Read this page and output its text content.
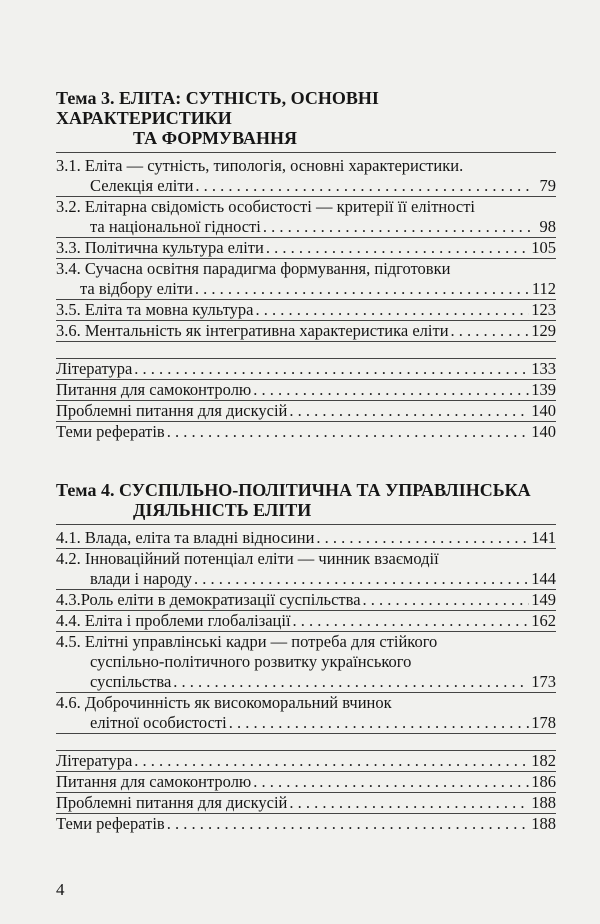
Тема 3. ЕЛІТА: СУТНІСТЬ, ОСНОВНІ ХАРАКТЕРИСТИКИ
ТА ФОРМУВАННЯ
3.1. Еліта — сутність, типологія, основні характеристики.
Селекція еліти . . .	79
3.2. Елітарна свідомість особистості — критерії її елітності
та національної гідності . . .	98
3.3. Політична культура еліти . . .	105
3.4. Сучасна освітня парадигма формування, підготовки
та відбору еліти . . .	112
3.5. Еліта та мовна культура . . .	123
3.6. Ментальність як інтегративна характеристика еліти . . .	129
Література . . .	133
Питання для самоконтролю . . .	139
Проблемні питання для дискусій . . .	140
Теми рефератів . . .	140
Тема 4. СУСПІЛЬНО-ПОЛІТИЧНА ТА УПРАВЛІНСЬКА
ДІЯЛЬНІСТЬ ЕЛІТИ
4.1. Влада, еліта та владні відносини . . .	141
4.2. Інноваційний потенціал еліти — чинник взаємодії
влади і народу . . .	144
4.3.Роль еліти в демократизації суспільства . . .	149
4.4. Еліта і проблеми глобалізації . . .	162
4.5. Елітні управлінські кадри — потреба для стійкого
суспільно-політичного розвитку українського
суспільства . . .	173
4.6. Доброчинність як високоморальний вчинок
елітної особистості . . .	178
Література . . .	182
Питання для самоконтролю . . .	186
Проблемні питання для дискусій . . .	188
Теми рефератів . . .	188
4
